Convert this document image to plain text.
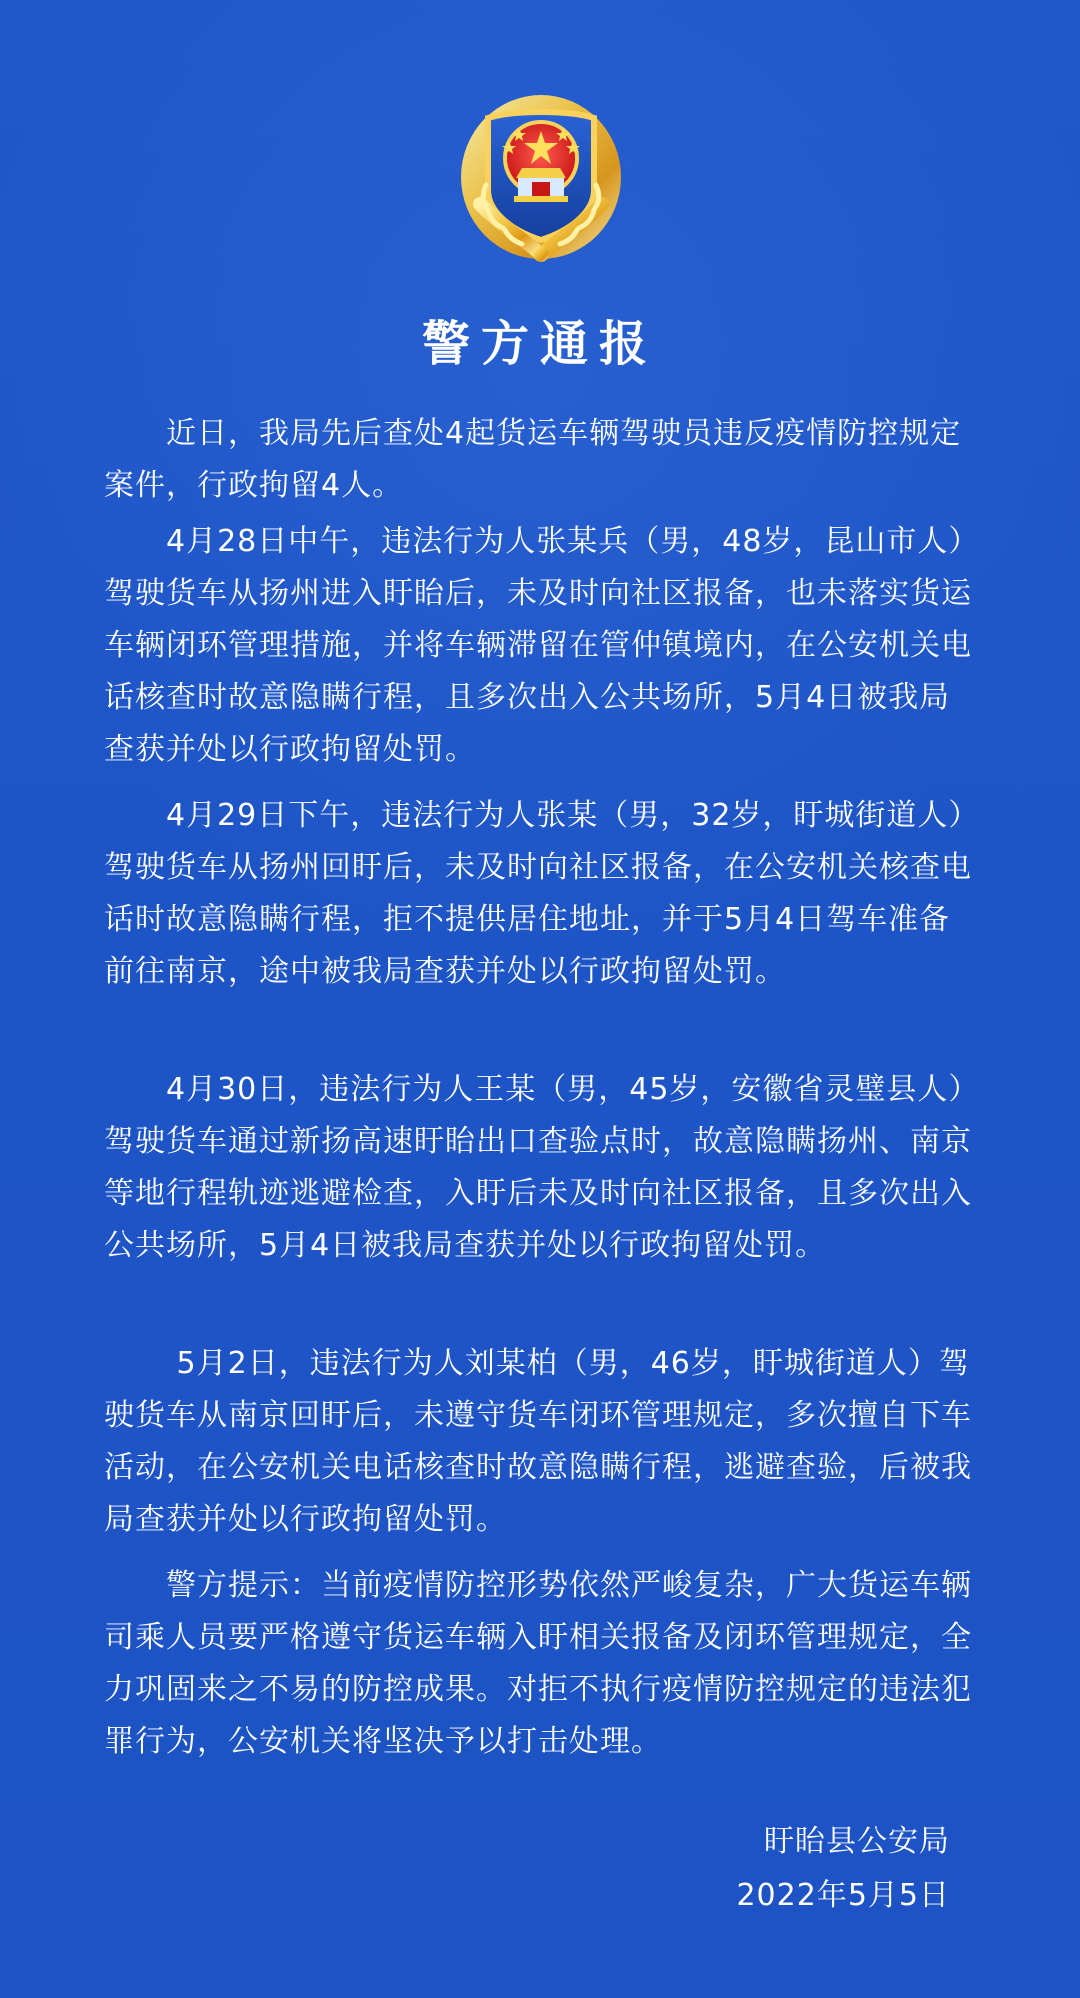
警方通报
　　近日，我局先后查处4起货运车辆驾驶员违反疫情防控规定案件，行政拘留4人。
　　4月28日中午，违法行为人张某兵（男，48岁，昆山市人）驾驶货车从扬州进入盱眙后，未及时向社区报备，也未落实货运车辆闭环管理措施，并将车辆滞留在管仲镇境内，在公安机关电话核查时故意隐瞒行程，且多次出入公共场所，5月4日被我局查获并处以行政拘留处罚。
　　4月29日下午，违法行为人张某（男，32岁，盱城街道人）驾驶货车从扬州回盱后，未及时向社区报备，在公安机关核查电话时故意隐瞒行程，拒不提供居住地址，并于5月4日驾车准备前往南京，途中被我局查获并处以行政拘留处罚。
　　4月30日，违法行为人王某（男，45岁，安徽省灵璧县人）驾驶货车通过新扬高速盱眙出口查验点时，故意隐瞒扬州、南京等地行程轨迹逃避检查，入盱后未及时向社区报备，且多次出入公共场所，5月4日被我局查获并处以行政拘留处罚。
　　 5月2日，违法行为人刘某柏（男，46岁，盱城街道人）驾驶货车从南京回盱后，未遵守货车闭环管理规定，多次擅自下车活动，在公安机关电话核查时故意隐瞒行程，逃避查验，后被我局查获并处以行政拘留处罚。
　　警方提示：当前疫情防控形势依然严峻复杂，广大货运车辆司乘人员要严格遵守货运车辆入盱相关报备及闭环管理规定，全力巩固来之不易的防控成果。对拒不执行疫情防控规定的违法犯罪行为，公安机关将坚决予以打击处理。
盱眙县公安局
2022年5月5日
